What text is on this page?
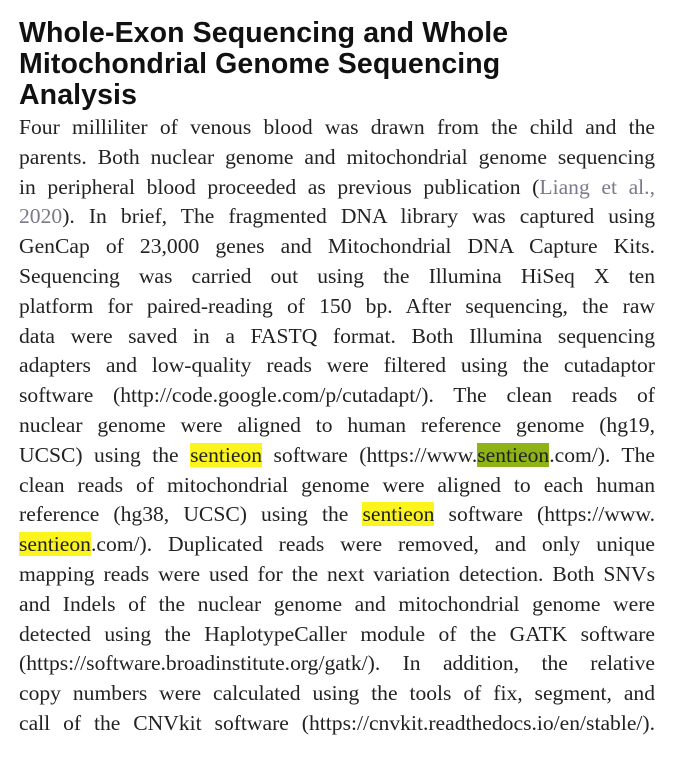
Whole-Exon Sequencing and Whole
Mitochondrial Genome Sequencing
Analysis
Four milliliter of venous blood was drawn from the child and the
parents. Both nuclear genome and mitochondrial genome sequencing
in peripheral blood proceeded as previous publication (Liang et al.,
2020). In brief, The fragmented DNA library was captured using
GenCap of 23,000 genes and Mitochondrial DNA Capture Kits.
Sequencing was carried out using the Illumina HiSeq X ten
platform for paired-reading of 150 bp. After sequencing, the raw
data were saved in a FASTQ format. Both Illumina sequencing
adapters and low-quality reads were filtered using the cutadaptor
software (http://code.google.com/p/cutadapt/). The clean reads of
nuclear genome were aligned to human reference genome (hg19,
UCSC) using the sentieon software (https://www.sentieon.com/). The
clean reads of mitochondrial genome were aligned to each human
reference (hg38, UCSC) using the sentieon software (https://www.
sentieon.com/). Duplicated reads were removed, and only unique
mapping reads were used for the next variation detection. Both SNVs
and Indels of the nuclear genome and mitochondrial genome were
detected using the HaplotypeCaller module of the GATK software
(https://software.broadinstitute.org/gatk/). In addition, the relative
copy numbers were calculated using the tools of fix, segment, and
call of the CNVkit software (https://cnvkit.readthedocs.io/en/stable/).
